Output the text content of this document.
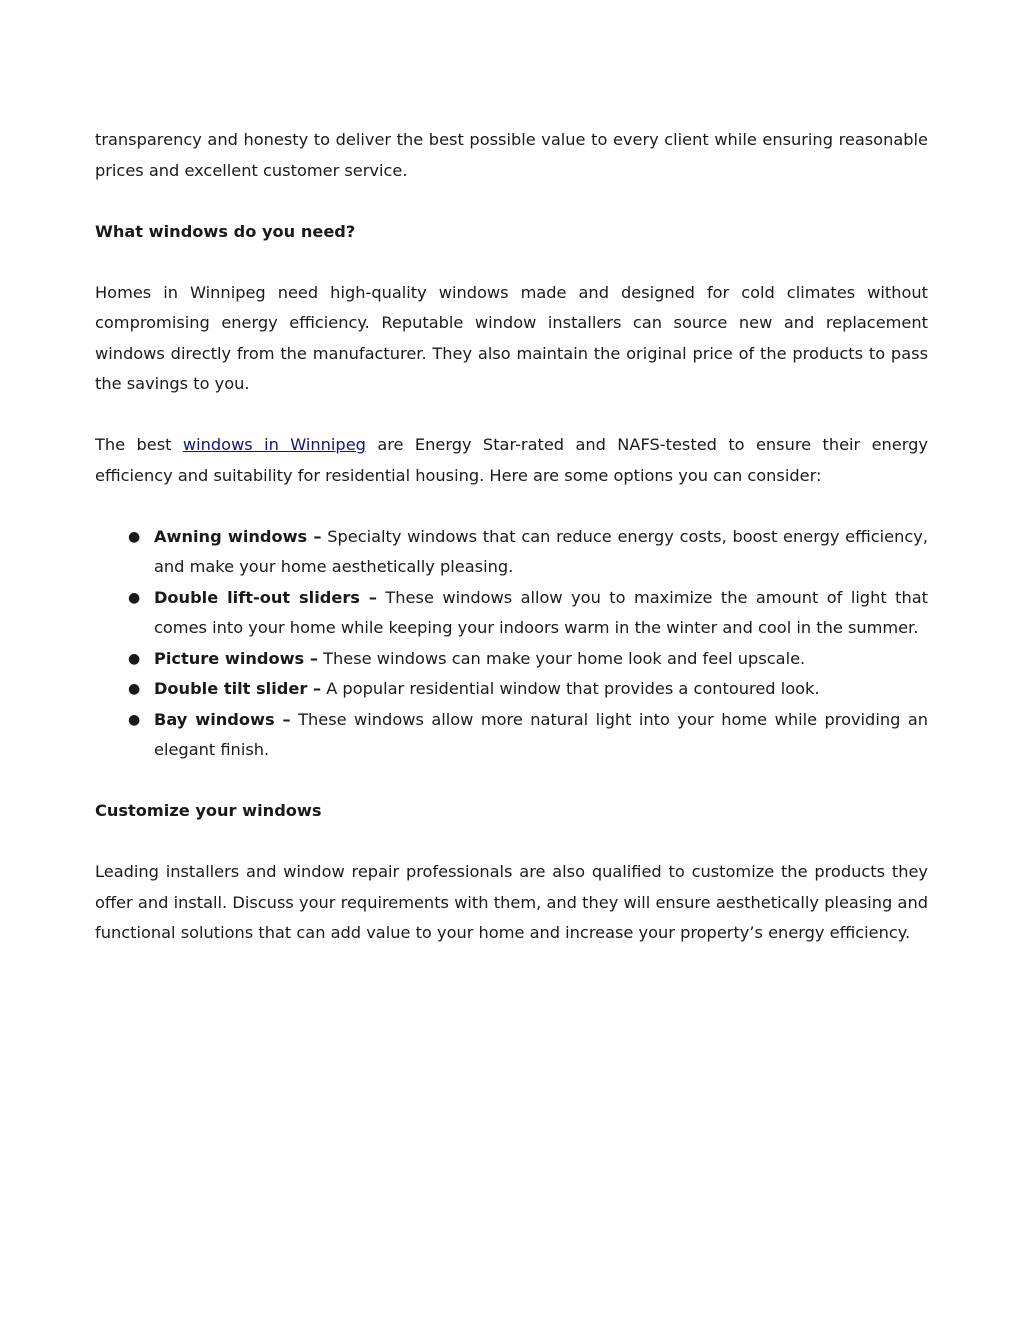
transparency and honesty to deliver the best possible value to every client while ensuring reasonable prices and excellent customer service.

What windows do you need?

Homes in Winnipeg need high-quality windows made and designed for cold climates without compromising energy efficiency. Reputable window installers can source new and replacement windows directly from the manufacturer. They also maintain the original price of the products to pass the savings to you.

The best windows in Winnipeg are Energy Star-rated and NAFS-tested to ensure their energy efficiency and suitability for residential housing. Here are some options you can consider:

● Awning windows – Specialty windows that can reduce energy costs, boost energy efficiency, and make your home aesthetically pleasing.
● Double lift-out sliders – These windows allow you to maximize the amount of light that comes into your home while keeping your indoors warm in the winter and cool in the summer.
● Picture windows – These windows can make your home look and feel upscale.
● Double tilt slider – A popular residential window that provides a contoured look.
● Bay windows – These windows allow more natural light into your home while providing an elegant finish.

Customize your windows

Leading installers and window repair professionals are also qualified to customize the products they offer and install. Discuss your requirements with them, and they will ensure aesthetically pleasing and functional solutions that can add value to your home and increase your property’s energy efficiency.
